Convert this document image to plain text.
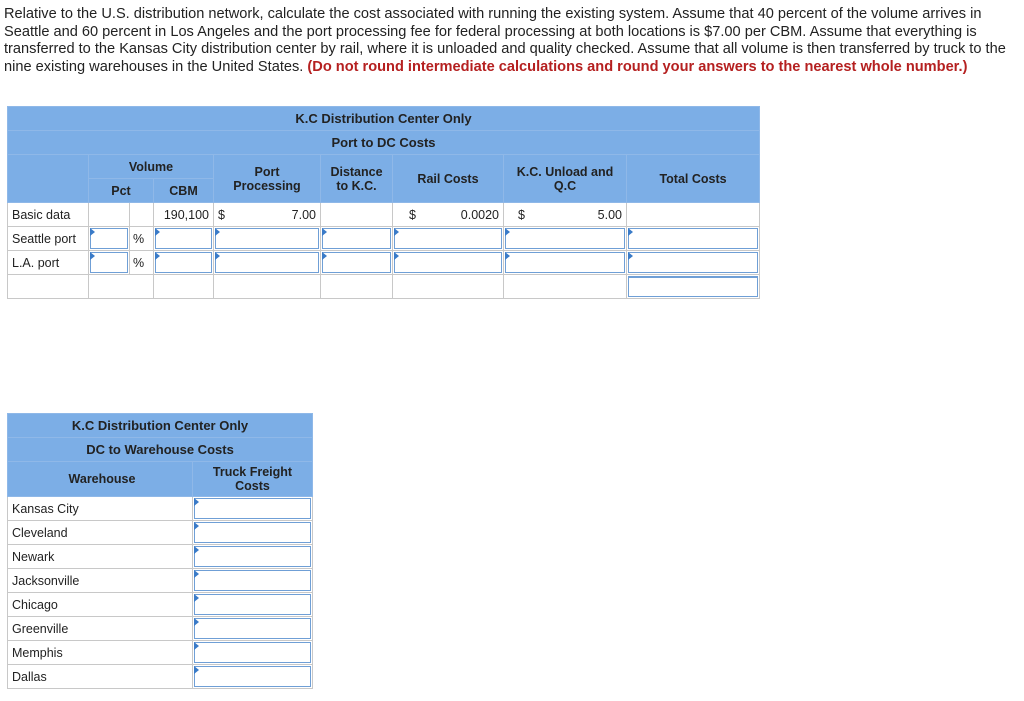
Relative to the U.S. distribution network, calculate the cost associated with running the existing system. Assume that 40 percent of the volume arrives in Seattle and 60 percent in Los Angeles and the port processing fee for federal processing at both locations is $7.00 per CBM. Assume that everything is transferred to the Kansas City distribution center by rail, where it is unloaded and quality checked. Assume that all volume is then transferred by truck to the nine existing warehouses in the United States. (Do not round intermediate calculations and round your answers to the nearest whole number.)
K.C Distribution Center Only								
Port to DC Costs								
	Volume			Port Processing	Distance to K.C.	Rail Costs	K.C. Unload and Q.C	Total Costs
	Pct		CBM					
Basic data			190,100	$ 7.00		$ 0.0020	$ 5.00	

Seattle port		%	

L.A. port		%	

K.C Distribution Center Only	
DC to Warehouse Costs	
Warehouse	Truck Freight Costs
Kansas City	

Cleveland	

Newark	

Jacksonville	

Chicago	

Greenville	

Memphis	

Dallas	
